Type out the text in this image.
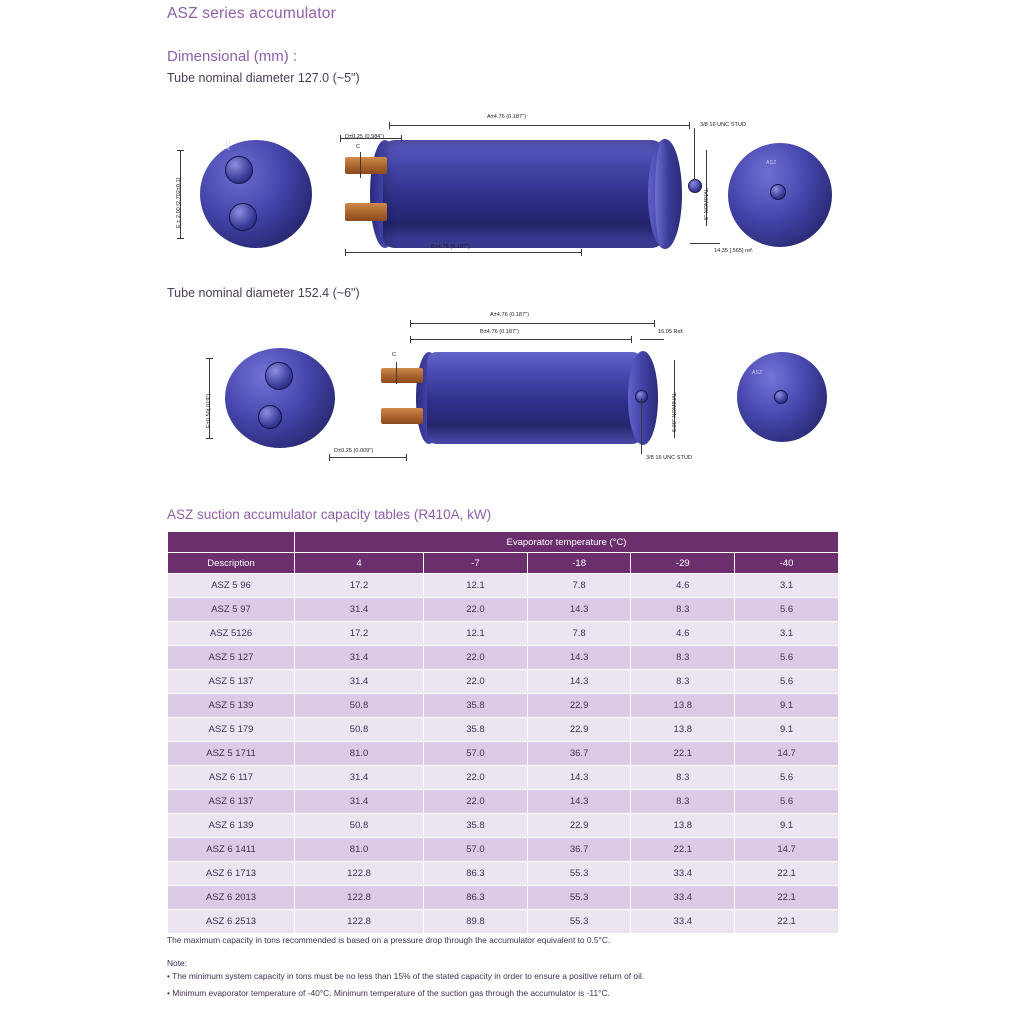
ASZ series accumulator
Dimensional (mm) :
Tube nominal diameter 127.0 (~5")
ASZ
E ± 2.00 [2.702±0.1]
A±4.76 (0.187")
D±0.25 (0.984")
C
B±4.76 (0.187")
3/8 16 UNC STUD
5" NOMINAL
14.35 [.565] ref.
ASZ
Tube nominal diameter 152.4 (~6")
E±0.50(.019")
A±4.76 (0.187")
B±4.76 (0.187")	16.05 Ref.
C
D±0.25 (0.009")
3/8 16 UNC STUD
6.00" NOMINAL
ASZ
ASZ suction accumulator capacity tables (R410A, kW)
	Evaporator temperature (°C)				
Description	4	-7	-18	-29	-40
ASZ 5 96	17.2	12.1	7.8	4.6	3.1
ASZ 5 97	31.4	22.0	14.3	8.3	5.6
ASZ 5126	17.2	12.1	7.8	4.6	3.1
ASZ 5 127	31.4	22.0	14.3	8.3	5.6
ASZ 5 137	31.4	22.0	14.3	8.3	5.6
ASZ 5 139	50.8	35.8	22.9	13.8	9.1
ASZ 5 179	50.8	35.8	22.9	13.8	9.1
ASZ 5 1711	81.0	57.0	36.7	22.1	14.7
ASZ 6 117	31.4	22.0	14.3	8.3	5.6
ASZ 6 137	31.4	22.0	14.3	8.3	5.6
ASZ 6 139	50.8	35.8	22.9	13.8	9.1
ASZ 6 1411	81.0	57.0	36.7	22.1	14.7
ASZ 6 1713	122.8	86.3	55.3	33.4	22.1
ASZ 6 2013	122.8	86.3	55.3	33.4	22.1
ASZ 6 2513	122.8	89.8	55.3	33.4	22.1
The maximum capacity in tons recommended is based on a pressure drop through the accumulator equivalent to 0.5°C.
Note:
• The minimum system capacity in tons must be no less than 15% of the stated capacity in order to ensure a positive return of oil.
• Minimum evaporator temperature of -40°C. Minimum temperature of the suction gas through the accumulator is -11°C.
